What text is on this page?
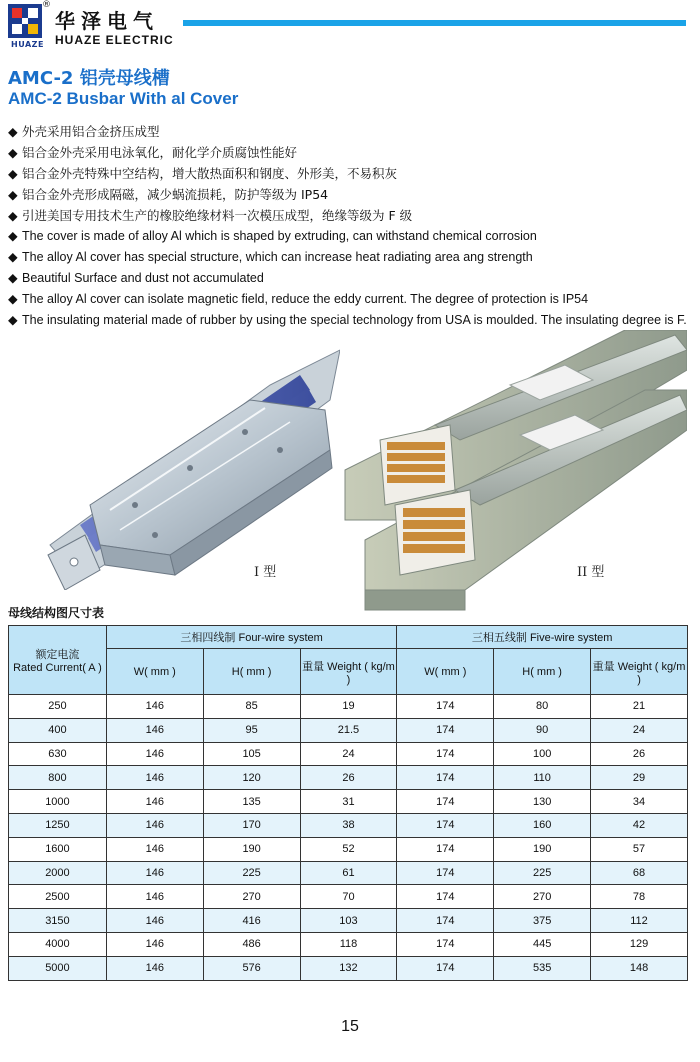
HUAZE
®
华泽电气
HUAZE ELECTRIC
AMC-2 铝壳母线槽
AMC-2 Busbar With al Cover
◆ 外壳采用铝合金挤压成型
◆ 铝合金外壳采用电泳氧化，耐化学介质腐蚀性能好
◆ 铝合金外壳特殊中空结构，增大散热面积和钢度、外形美，不易积灰
◆ 铝合金外壳形成隔磁，减少蜗流损耗，防护等级为 IP54
◆ 引进美国专用技术生产的橡胶绝缘材料一次模压成型，绝缘等级为 F 级
◆ The cover is made of alloy Al which is shaped by extruding, can withstand chemical corrosion
◆ The alloy Al cover has special structure, which can increase heat radiating area ang strength
◆ Beautiful Surface and dust not accumulated
◆ The alloy Al cover can isolate magnetic field, reduce the eddy current. The degree of protection is IP54
◆ The insulating material made of rubber by using the special technology from USA is moulded. The insulating degree is F.
I 型	II 型
母线结构图尺寸表
额定电流
Rated Current( A )	三相四线制 Four-wire system			三相五线制 Five-wire system		
	W( mm )	H( mm )	重量 Weight ( kg/m )	W( mm )	H( mm )	重量 Weight ( kg/m )
250	146	85	19	174	80	21
400	146	95	21.5	174	90	24
630	146	105	24	174	100	26
800	146	120	26	174	110	29
1000	146	135	31	174	130	34
1250	146	170	38	174	160	42
1600	146	190	52	174	190	57
2000	146	225	61	174	225	68
2500	146	270	70	174	270	78
3150	146	416	103	174	375	112
4000	146	486	118	174	445	129
5000	146	576	132	174	535	148
15
